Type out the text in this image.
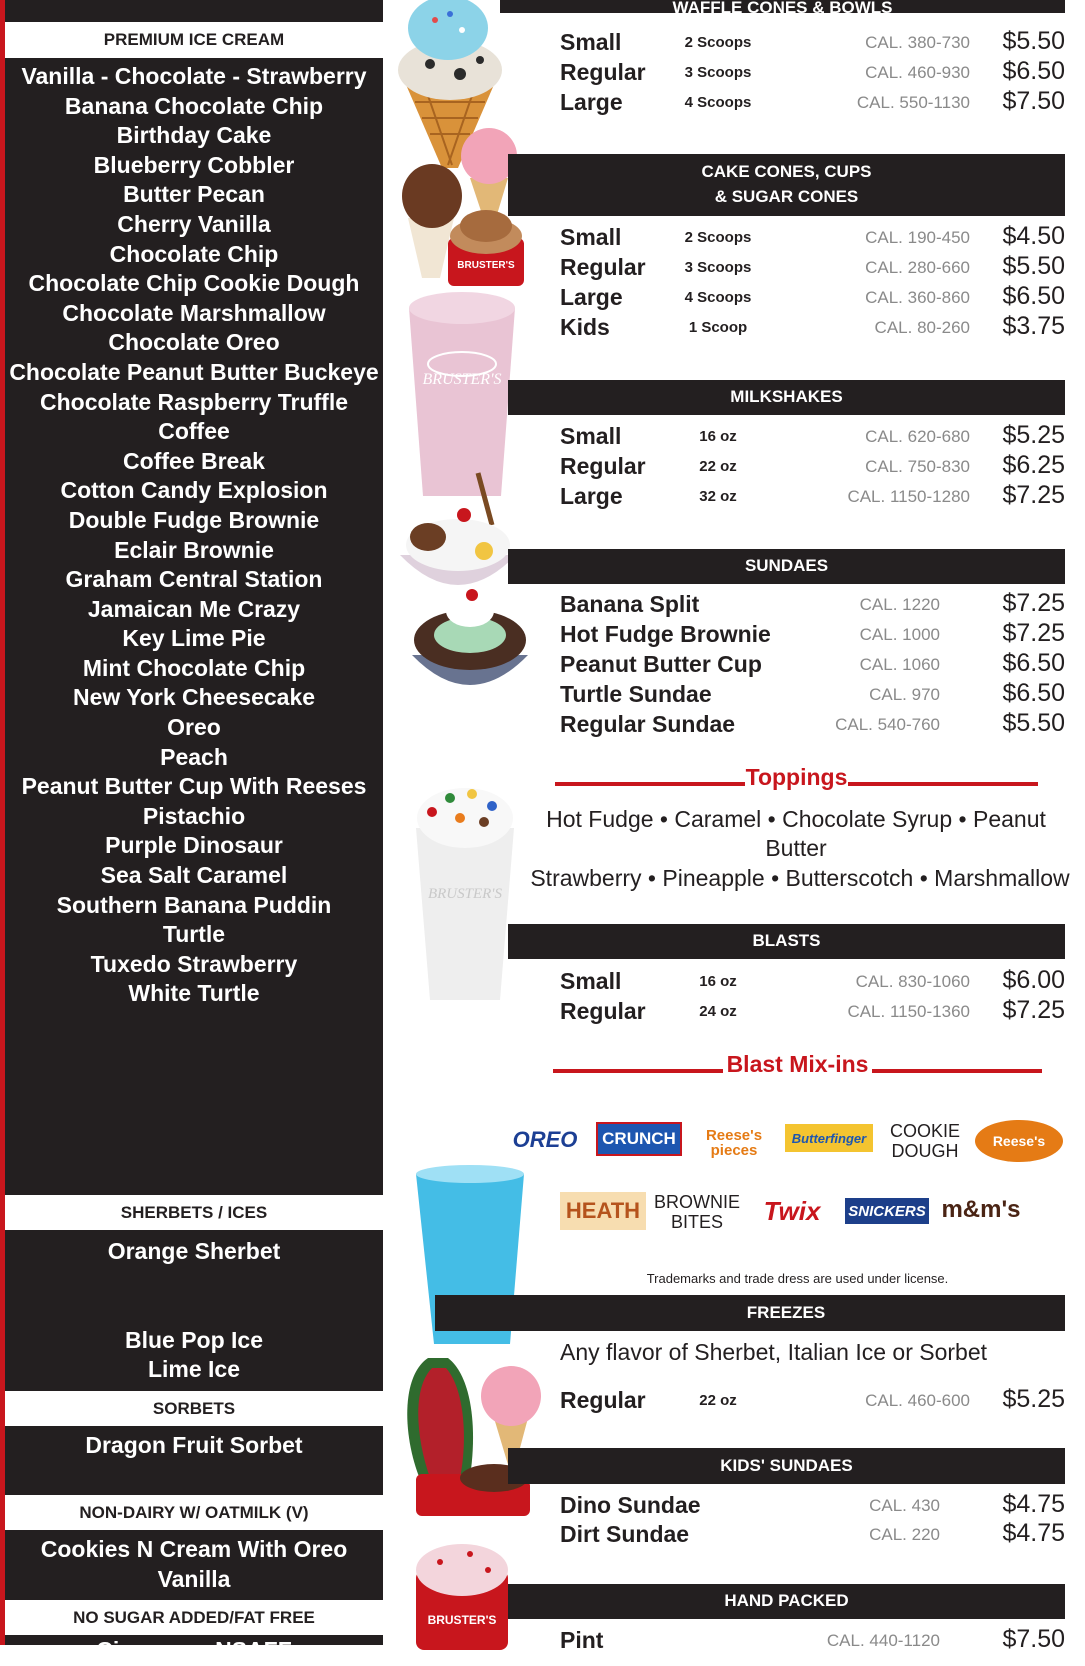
PREMIUM ICE CREAM
Vanilla - Chocolate - Strawberry
Banana Chocolate Chip
Birthday Cake
Blueberry Cobbler
Butter Pecan
Cherry Vanilla
Chocolate Chip
Chocolate Chip Cookie Dough
Chocolate Marshmallow
Chocolate Oreo
Chocolate Peanut Butter Buckeye
Chocolate Raspberry Truffle
Coffee
Coffee Break
Cotton Candy Explosion
Double Fudge Brownie
Eclair Brownie
Graham Central Station
Jamaican Me Crazy
Key Lime Pie
Mint Chocolate Chip
New York Cheesecake
Oreo
Peach
Peanut Butter Cup With Reeses
Pistachio
Purple Dinosaur
Sea Salt Caramel
Southern Banana Puddin
Turtle
Tuxedo Strawberry
White Turtle
SHERBETS / ICES
Orange Sherbet
Blue Pop Ice
Lime Ice
SORBETS
Dragon Fruit Sorbet
NON-DAIRY W/ OATMILK (V)
Cookies N Cream With Oreo
Vanilla
NO SUGAR ADDED/FAT FREE
Cinnamon NSAFF
BRUSTER'S
BRUSTER'S
BRUSTER'S
BRUSTER'S
WAFFLE CONES & BOWLS
Small	2 Scoops	CAL. 380-730 $5.50
Regular	3 Scoops	CAL. 460-930 $6.50
Large	4 Scoops	CAL. 550-1130 $7.50
CAKE CONES, CUPS
& SUGAR CONES
Small	2 Scoops	CAL. 190-450 $4.50
Regular	3 Scoops	CAL. 280-660 $5.50
Large	4 Scoops	CAL. 360-860 $6.50
Kids	1 Scoop	CAL. 80-260 $3.75
MILKSHAKES
Small	16 oz	CAL. 620-680 $5.25
Regular	22 oz	CAL. 750-830 $6.25
Large	32 oz	CAL. 1150-1280 $7.25
SUNDAES
Banana Split	CAL. 1220 $7.25
Hot Fudge Brownie	CAL. 1000 $7.25
Peanut Butter Cup	CAL. 1060 $6.50
Turtle Sundae	CAL. 970 $6.50
Regular Sundae	CAL. 540-760 $5.50
Toppings
Hot Fudge • Caramel • Chocolate Syrup • Peanut Butter
Strawberry • Pineapple • Butterscotch • Marshmallow
BLASTS
Small	16 oz	CAL. 830-1060 $6.00
Regular	24 oz	CAL. 1150-1360 $7.25
Blast Mix-ins
OREO	CRUNCH	Reese's pieces
Butterfinger	COOKIE DOUGH	Reese's
HEATH BROWNIE BITES	Twix	SNICKERS m&m's
Trademarks and trade dress are used under license.
FREEZES
Any flavor of Sherbet, Italian Ice or Sorbet
Regular	22 oz	CAL. 460-600 $5.25
KIDS' SUNDAES
Dino Sundae	CAL. 430 $4.75
Dirt Sundae	CAL. 220 $4.75
HAND PACKED
Pint	CAL. 440-1120 $7.50
